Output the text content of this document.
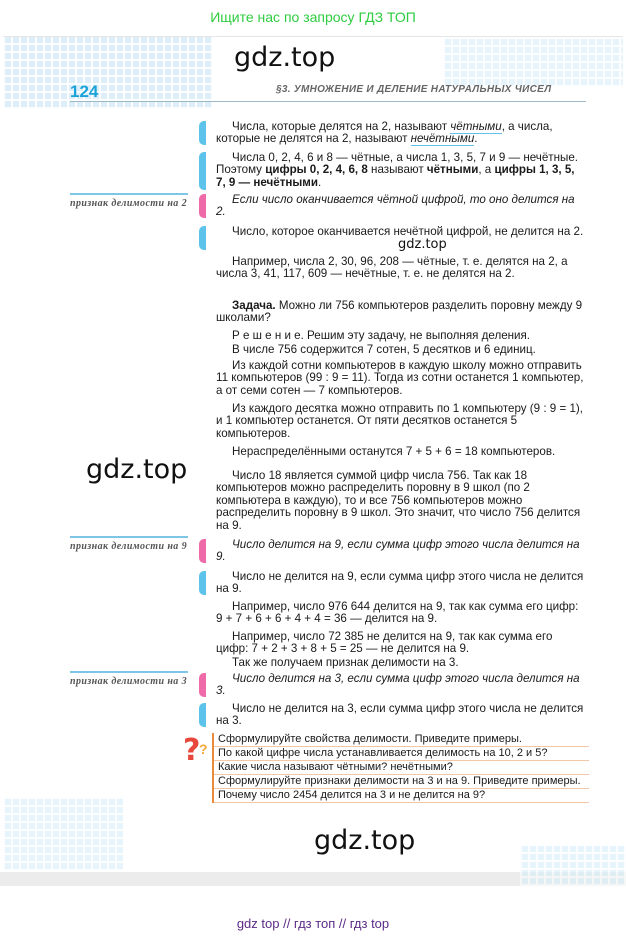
Ищите нас по запросу ГДЗ ТОП
gdz.top
124	§3. УМНОЖЕНИЕ И ДЕЛЕНИЕ НАТУРАЛЬНЫХ ЧИСЕЛ
признак делимости на 2
признак делимости на 9
признак делимости на 3
Числа, которые делятся на 2, называют чётными, а числа, которые не делятся на 2, называют нечётными.
Числа 0, 2, 4, 6 и 8 — чётные, а числа 1, 3, 5, 7 и 9 — нечётные. Поэтому цифры 0, 2, 4, 6, 8 называют чётными, а цифры 1, 3, 5, 7, 9 — нечётными.
Если число оканчивается чётной цифрой, то оно делится на 2.
Число, которое оканчивается нечётной цифрой, не делится на 2.
gdz.top
Например, числа 2, 30, 96, 208 — чётные, т. е. делятся на 2, а числа 3, 41, 117, 609 — нечётные, т. е. не делятся на 2.
Задача. Можно ли 756 компьютеров разделить поровну между 9 школами?
Р е ш е н и е. Решим эту задачу, не выполняя деления.
В числе 756 содержится 7 сотен, 5 десятков и 6 единиц.
Из каждой сотни компьютеров в каждую школу можно отправить 11 компьютеров (99 : 9 = 11). Тогда из сотни останется 1 компьютер, а от семи сотен — 7 компьютеров.
Из каждого десятка можно отправить по 1 компьютеру (9 : 9 = 1), и 1 компьютер останется. От пяти десятков останется 5 компьютеров.
Нераспределёнными останутся 7 + 5 + 6 = 18 компьютеров.
gdz.top	Число 18 является суммой цифр числа 756. Так как 18 компьютеров можно распределить поровну в 9 школ (по 2 компьютера в каждую), то и все 756 компьютеров можно распределить поровну в 9 школ. Это значит, что число 756 делится на 9.
Число делится на 9, если сумма цифр этого числа делится на 9.
Число не делится на 9, если сумма цифр этого числа не делится на 9.
Например, число 976 644 делится на 9, так как сумма его цифр: 9 + 7 + 6 + 6 + 4 + 4 = 36 — делится на 9.
Например, число 72 385 не делится на 9, так как сумма его цифр: 7 + 2 + 3 + 8 + 5 = 25 — не делится на 9.
Так же получаем признак делимости на 3.
Число делится на 3, если сумма цифр этого числа делится на 3.
Число не делится на 3, если сумма цифр этого числа не делится на 3.
?
?
Сформулируйте свойства делимости. Приведите примеры.
По какой цифре числа устанавливается делимость на 10, 2 и 5?
Какие числа называют чётными? нечётными?
Сформулируйте признаки делимости на 3 и на 9. Приведите примеры.
Почему число 2454 делится на 3 и не делится на 9?
gdz.top
gdz top // гдз топ // гдз top
